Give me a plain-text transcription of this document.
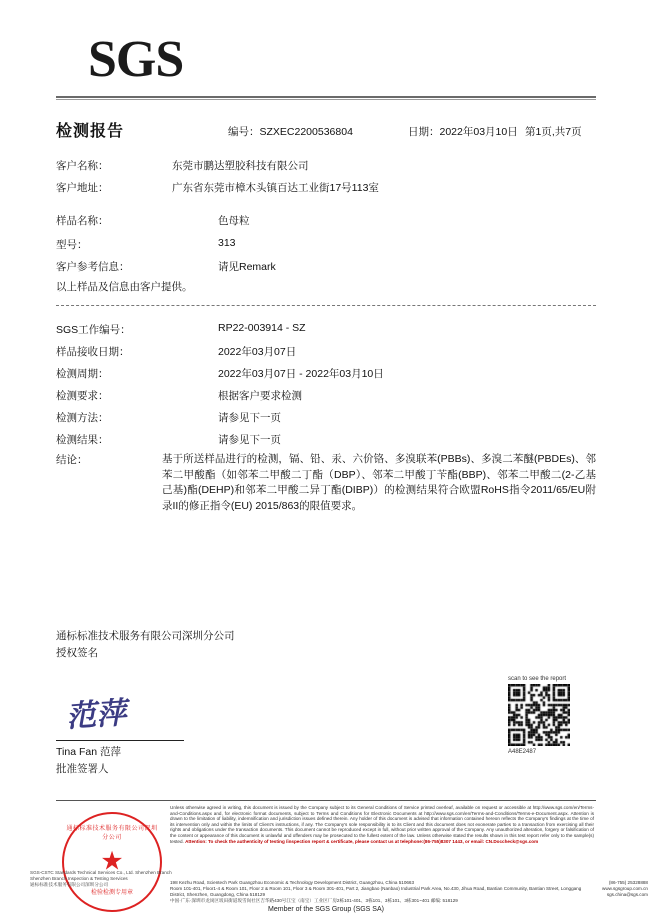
SGS
检测报告	编号：SZXEC2200536804	日期：2022年03月10日 第1页,共7页
客户名称：	东莞市鹏达塑胶科技有限公司
客户地址：	广东省东莞市樟木头镇百达工业街17号113室
样品名称：	色母粒
型号：	313
客户参考信息：	请见Remark
以上样品及信息由客户提供。
SGS工作编号：	RP22-003914 - SZ
样品接收日期：	2022年03月07日
检测周期：	2022年03月07日 - 2022年03月10日
检测要求：	根据客户要求检测
检测方法：	请参见下一页
检测结果：	请参见下一页
结论：	基于所送样品进行的检测，镉、铅、汞、六价铬、多溴联苯(PBBs)、多溴二苯醚(PBDEs)、邻苯二甲酸酯（如邻苯二甲酸二丁酯（DBP）、邻苯二甲酸丁苄酯(BBP)、邻苯二甲酸二(2-乙基己基)酯(DEHP)和邻苯二甲酸二异丁酯(DIBP)）的检测结果符合欧盟RoHS指令2011/65/EU附录II的修正指令(EU) 2015/863的限值要求。
通标标准技术服务有限公司深圳分公司
授权签名
范萍
Tina Fan 范萍
批准签署人
scan to see the report
A48E2487
Unless otherwise agreed in writing, this document is issued by the Company subject to its General Conditions of Service printed overleaf, available on request or accessible at http://www.sgs.com/en/Terms-and-Conditions.aspx and, for electronic format documents, subject to Terms and Conditions for Electronic Documents at http://www.sgs.com/en/Terms-and-Conditions/Terms-e-Document.aspx. Attention is drawn to the limitation of liability, indemnification and jurisdiction issues defined therein. Any holder of this document is advised that information contained hereon reflects the Company's findings at the time of its intervention only and within the limits of Client's instructions, if any. The Company's sole responsibility is to its Client and this document does not exonerate parties to a transaction from exercising all their rights and obligations under the transaction documents. This document cannot be reproduced except in full, without prior written approval of the Company. Any unauthorized alteration, forgery or falsification of the content or appearance of this document is unlawful and offenders may be prosecuted to the fullest extent of the law. Unless otherwise stated the results shown in this test report refer only to the sample(s) tested. Attention: To check the authenticity of testing /inspection report & certificate, please contact us at telephone:(86-755)8307 1443, or email: CN.Doccheck@sgs.com
198 Kezhu Road, Scientech Park Guangzhou Economic & Technology Development District, Guangzhou, China 510663
Room 101-401, Floor1-4 & Room 101, Floor 2 & Room 101, Floor 3 & Room 301-401, Part 2, Jiangbao (Nanbao) Industrial Park Area, No.430, Jihua Road, Bantian Community, Bantian Street, Longgang District, Shenzhen, Guangdong, China 518129
中国·广东·深圳市龙岗区坂田街道坂雪岗社区吉华路430号江宝（南宝）工业区厂房2栋101-401、3栋101、3栋101、3栋301~401 邮编: 518129
(86-755) 25328888
www.sgsgroup.com.cn
sgs.china@sgs.com
通标标准技术服务有限公司深圳分公司
★
检验检测专用章
SGS-CSTC Standards Technical Services Co., Ltd. Shenzhen Branch
Shenzhen Branch Inspection & Testing Services
通标标准技术服务有限公司深圳分公司
Member of the SGS Group (SGS SA)
